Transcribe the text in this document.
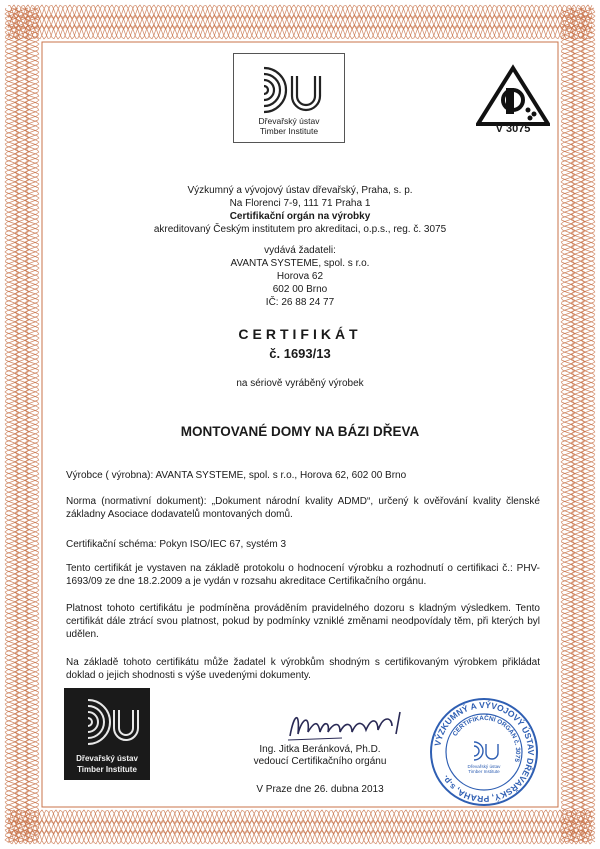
Dřevařský ústav
Timber Institute	V 3075
Výzkumný a vývojový ústav dřevařský, Praha, s. p.
Na Florenci 7-9, 111 71 Praha 1
Certifikační orgán na výrobky
akreditovaný Českým institutem pro akreditaci, o.p.s., reg. č. 3075
vydává žadateli:
AVANTA SYSTEME, spol. s r.o.
Horova 62
602 00 Brno
IČ: 26 88 24 77
CERTIFIKÁT
č. 1693/13
na sériově vyráběný výrobek
MONTOVANÉ DOMY NA BÁZI DŘEVA
Výrobce ( výrobna): AVANTA SYSTEME, spol. s r.o., Horova 62, 602 00 Brno
Norma (normativní dokument): „Dokument národní kvality ADMD“, určený k ověřování kvality členské základny Asociace dodavatelů montovaných domů.
Certifikační schéma: Pokyn ISO/IEC 67, systém 3
Tento certifikát je vystaven na základě protokolu o hodnocení výrobku a rozhodnutí o certifikaci č.: PHV- 1693/09 ze dne 18.2.2009 a je vydán v rozsahu akreditace Certifikačního orgánu.
Platnost tohoto certifikátu je podmíněna prováděním pravidelného dozoru s kladným výsledkem. Tento certifikát dále ztrácí svou platnost, pokud by podmínky vzniklé změnami neodpovídaly těm, při kterých byl udělen.
Na základě tohoto certifikátu může žadatel k výrobkům shodným s certifikovaným výrobkem přikládat doklad o jejich shodnosti s výše uvedenými dokumenty.
Dřevařský ústav
Timber Institute
Ing. Jitka Beránková, Ph.D.
vedoucí Certifikačního orgánu
V Praze dne 26. dubna 2013
VÝZKUMNÝ A VÝVOJOVÝ ÚSTAV DŘEVAŘSKÝ, PRAHA, s.p.
CERTIFIKAČNÍ ORGÁN č. 3075
Dřevařský ústav
Timber Institute
